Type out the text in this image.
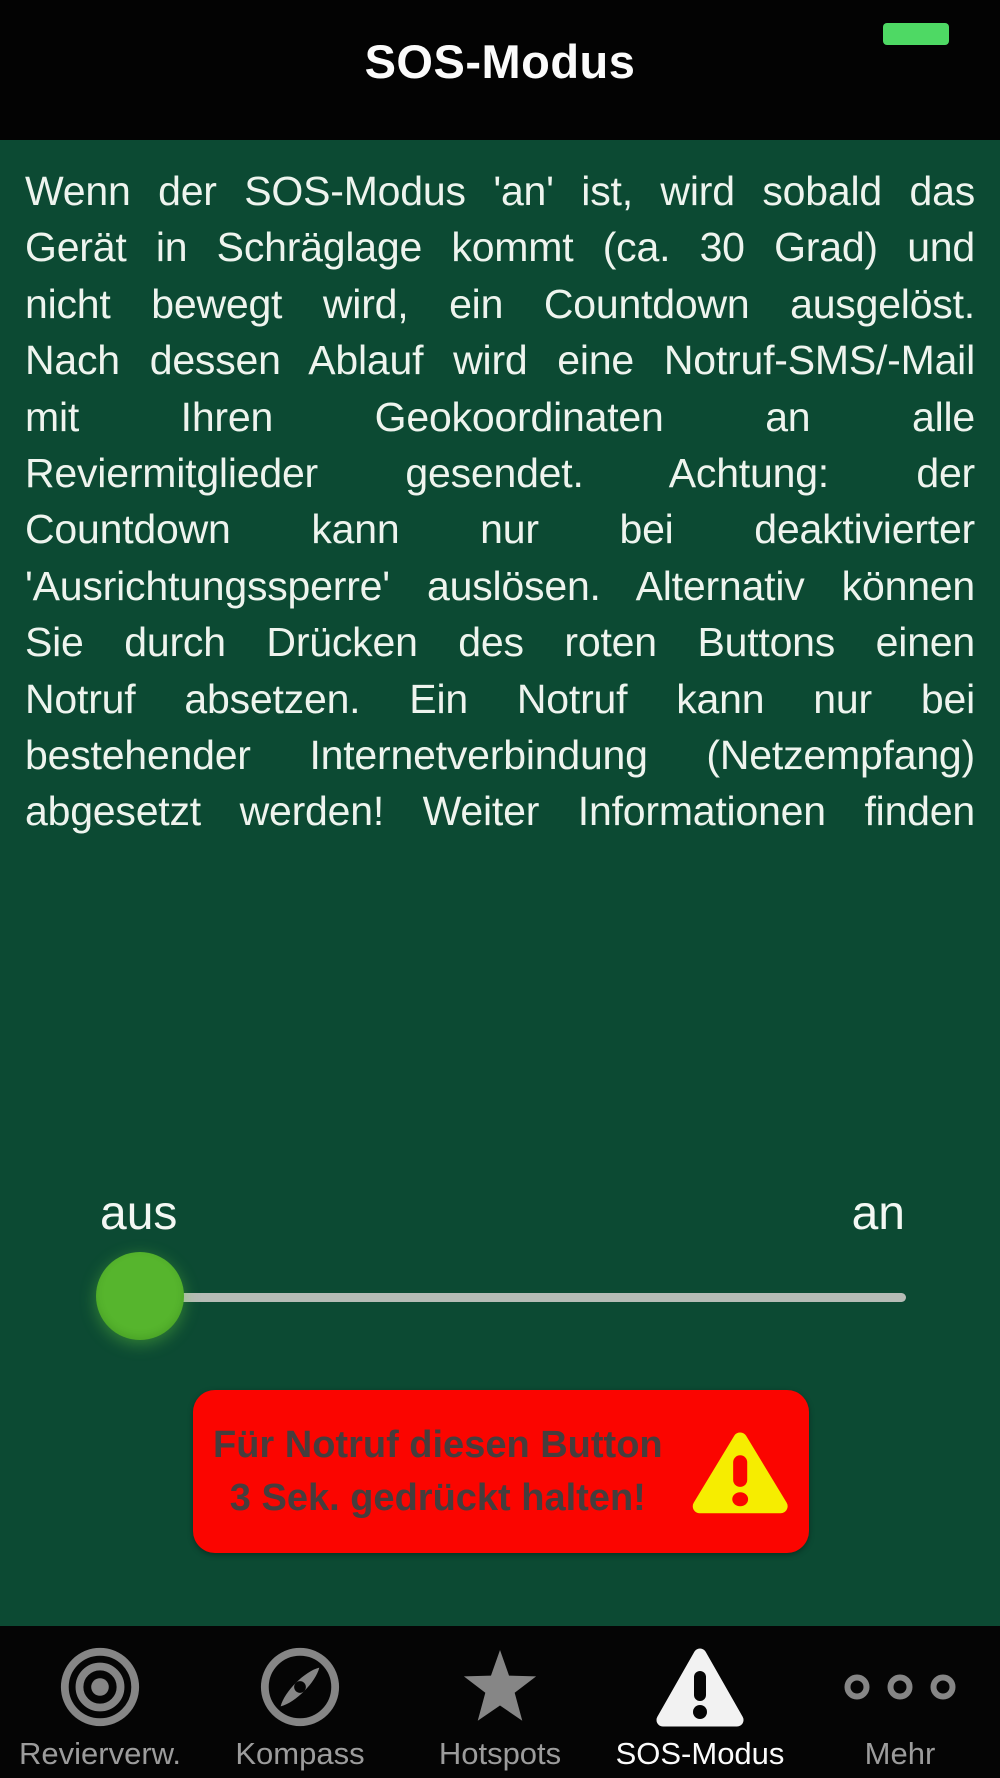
SOS-Modus
Wenn der SOS-Modus 'an' ist, wird sobald das
Gerät in Schräglage kommt (ca. 30 Grad) und
nicht bewegt wird, ein Countdown ausgelöst.
Nach dessen Ablauf wird eine Notruf-SMS/-Mail
mit Ihren Geokoordinaten an alle
Reviermitglieder gesendet. Achtung: der
Countdown kann nur bei deaktivierter
'Ausrichtungssperre' auslösen. Alternativ können
Sie durch Drücken des roten Buttons einen
Notruf absetzen. Ein Notruf kann nur bei
bestehender Internetverbindung (Netzempfang)
abgesetzt werden! Weiter Informationen finden
aus	an
Für Notruf diesen Button
3 Sek. gedrückt halten!
Revierverw. Kompass Hotspots SOS-Modus	Mehr
